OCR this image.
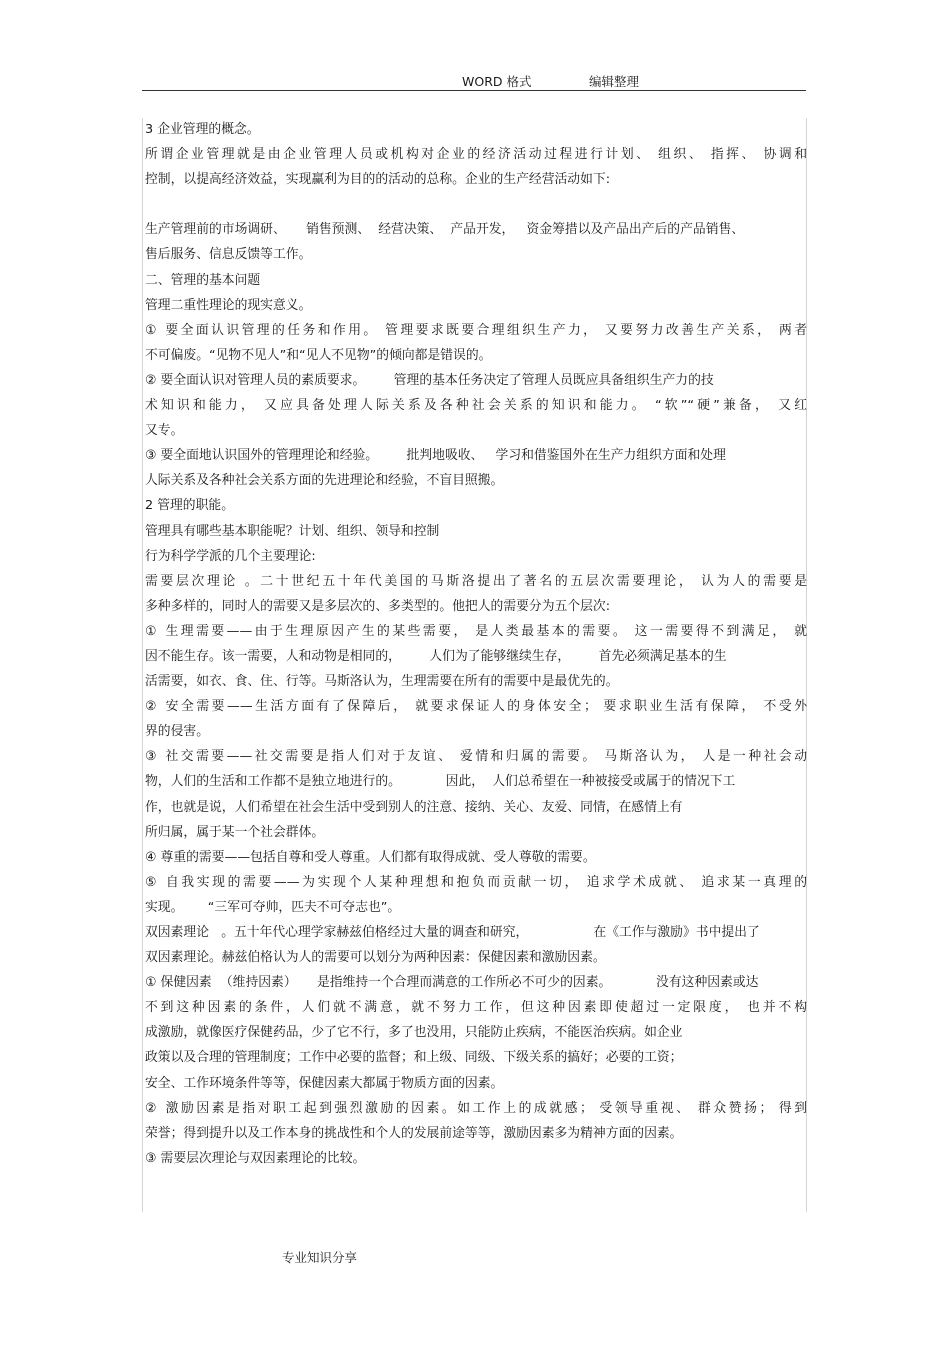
WORD 格式	编辑整理
3 企业管理的概念。
所谓企业管理就是由企业管理人员或机构对企业的经济活动过程进行计划、 组织、 指挥、 协调和
控制，以提高经济效益，实现赢利为目的的活动的总称。企业的生产经营活动如下:
生产管理前的市场调研、     销售预测、  经营决策、  产品开发，   资金筹措以及产品出产后的产品销售、
售后服务、信息反馈等工作。
二、管理的基本问题
管理二重性理论的现实意义。
① 要全面认识管理的任务和作用。 管理要求既要合理组织生产力， 又要努力改善生产关系， 两者
不可偏废。“见物不见人”和“见人不见物”的倾向都是错误的。
② 要全面认识对管理人员的素质要求。       管理的基本任务决定了管理人员既应具备组织生产力的技
术知识和能力， 又应具备处理人际关系及各种社会关系的知识和能力。 “软”“硬”兼备， 又红
又专。
③ 要全面地认识国外的管理理论和经验。       批判地吸收、   学习和借鉴国外在生产力组织方面和处理
人际关系及各种社会关系方面的先进理论和经验，不盲目照搬。
2 管理的职能。
管理具有哪些基本职能呢？计划、组织、领导和控制
行为科学学派的几个主要理论:
需要层次理论 。二十世纪五十年代美国的马斯洛提出了著名的五层次需要理论， 认为人的需要是
多种多样的，同时人的需要又是多层次的、多类型的。他把人的需要分为五个层次:
① 生理需要——由于生理原因产生的某些需要， 是人类最基本的需要。 这一需要得不到满足， 就
因不能生存。该一需要，人和动物是相同的，       人们为了能够继续生存，       首先必须满足基本的生
活需要，如衣、食、住、行等。马斯洛认为，生理需要在所有的需要中是最优先的。
② 安全需要——生活方面有了保障后， 就要求保证人的身体安全； 要求职业生活有保障， 不受外
界的侵害。
③ 社交需要——社交需要是指人们对于友谊、 爱情和归属的需要。 马斯洛认为， 人是一种社会动
物，人们的生活和工作都不是独立地进行的。           因此，  人们总希望在一种被接受或属于的情况下工
作，也就是说，人们希望在社会生活中受到别人的注意、接纳、关心、友爱、同情，在感情上有
所归属，属于某一个社会群体。
④ 尊重的需要——包括自尊和受人尊重。人们都有取得成就、受人尊敬的需要。
⑤ 自我实现的需要——为实现个人某种理想和抱负而贡献一切， 追求学术成就、 追求某一真理的
实现。      “三军可夺帅，匹夫不可夺志也”。
双因素理论   。五十年代心理学家赫兹伯格经过大量的调查和研究，                在《工作与激励》书中提出了
双因素理论。赫兹伯格认为人的需要可以划分为两种因素：保健因素和激励因素。
① 保健因素  （维持因素）     是指维持一个合理而满意的工作所必不可少的因素。           没有这种因素或达
不到这种因素的条件，人们就不满意，就不努力工作，但这种因素即使超过一定限度， 也并不构
成激励，就像医疗保健药品，少了它不行，多了也没用，只能防止疾病，不能医治疾病。如企业
政策以及合理的管理制度；工作中必要的监督；和上级、同级、下级关系的搞好；必要的工资；
安全、工作环境条件等等，保健因素大都属于物质方面的因素。
② 激励因素是指对职工起到强烈激励的因素。如工作上的成就感； 受领导重视、 群众赞扬； 得到
荣誉；得到提升以及工作本身的挑战性和个人的发展前途等等，激励因素多为精神方面的因素。
③ 需要层次理论与双因素理论的比较。
专业知识分享
